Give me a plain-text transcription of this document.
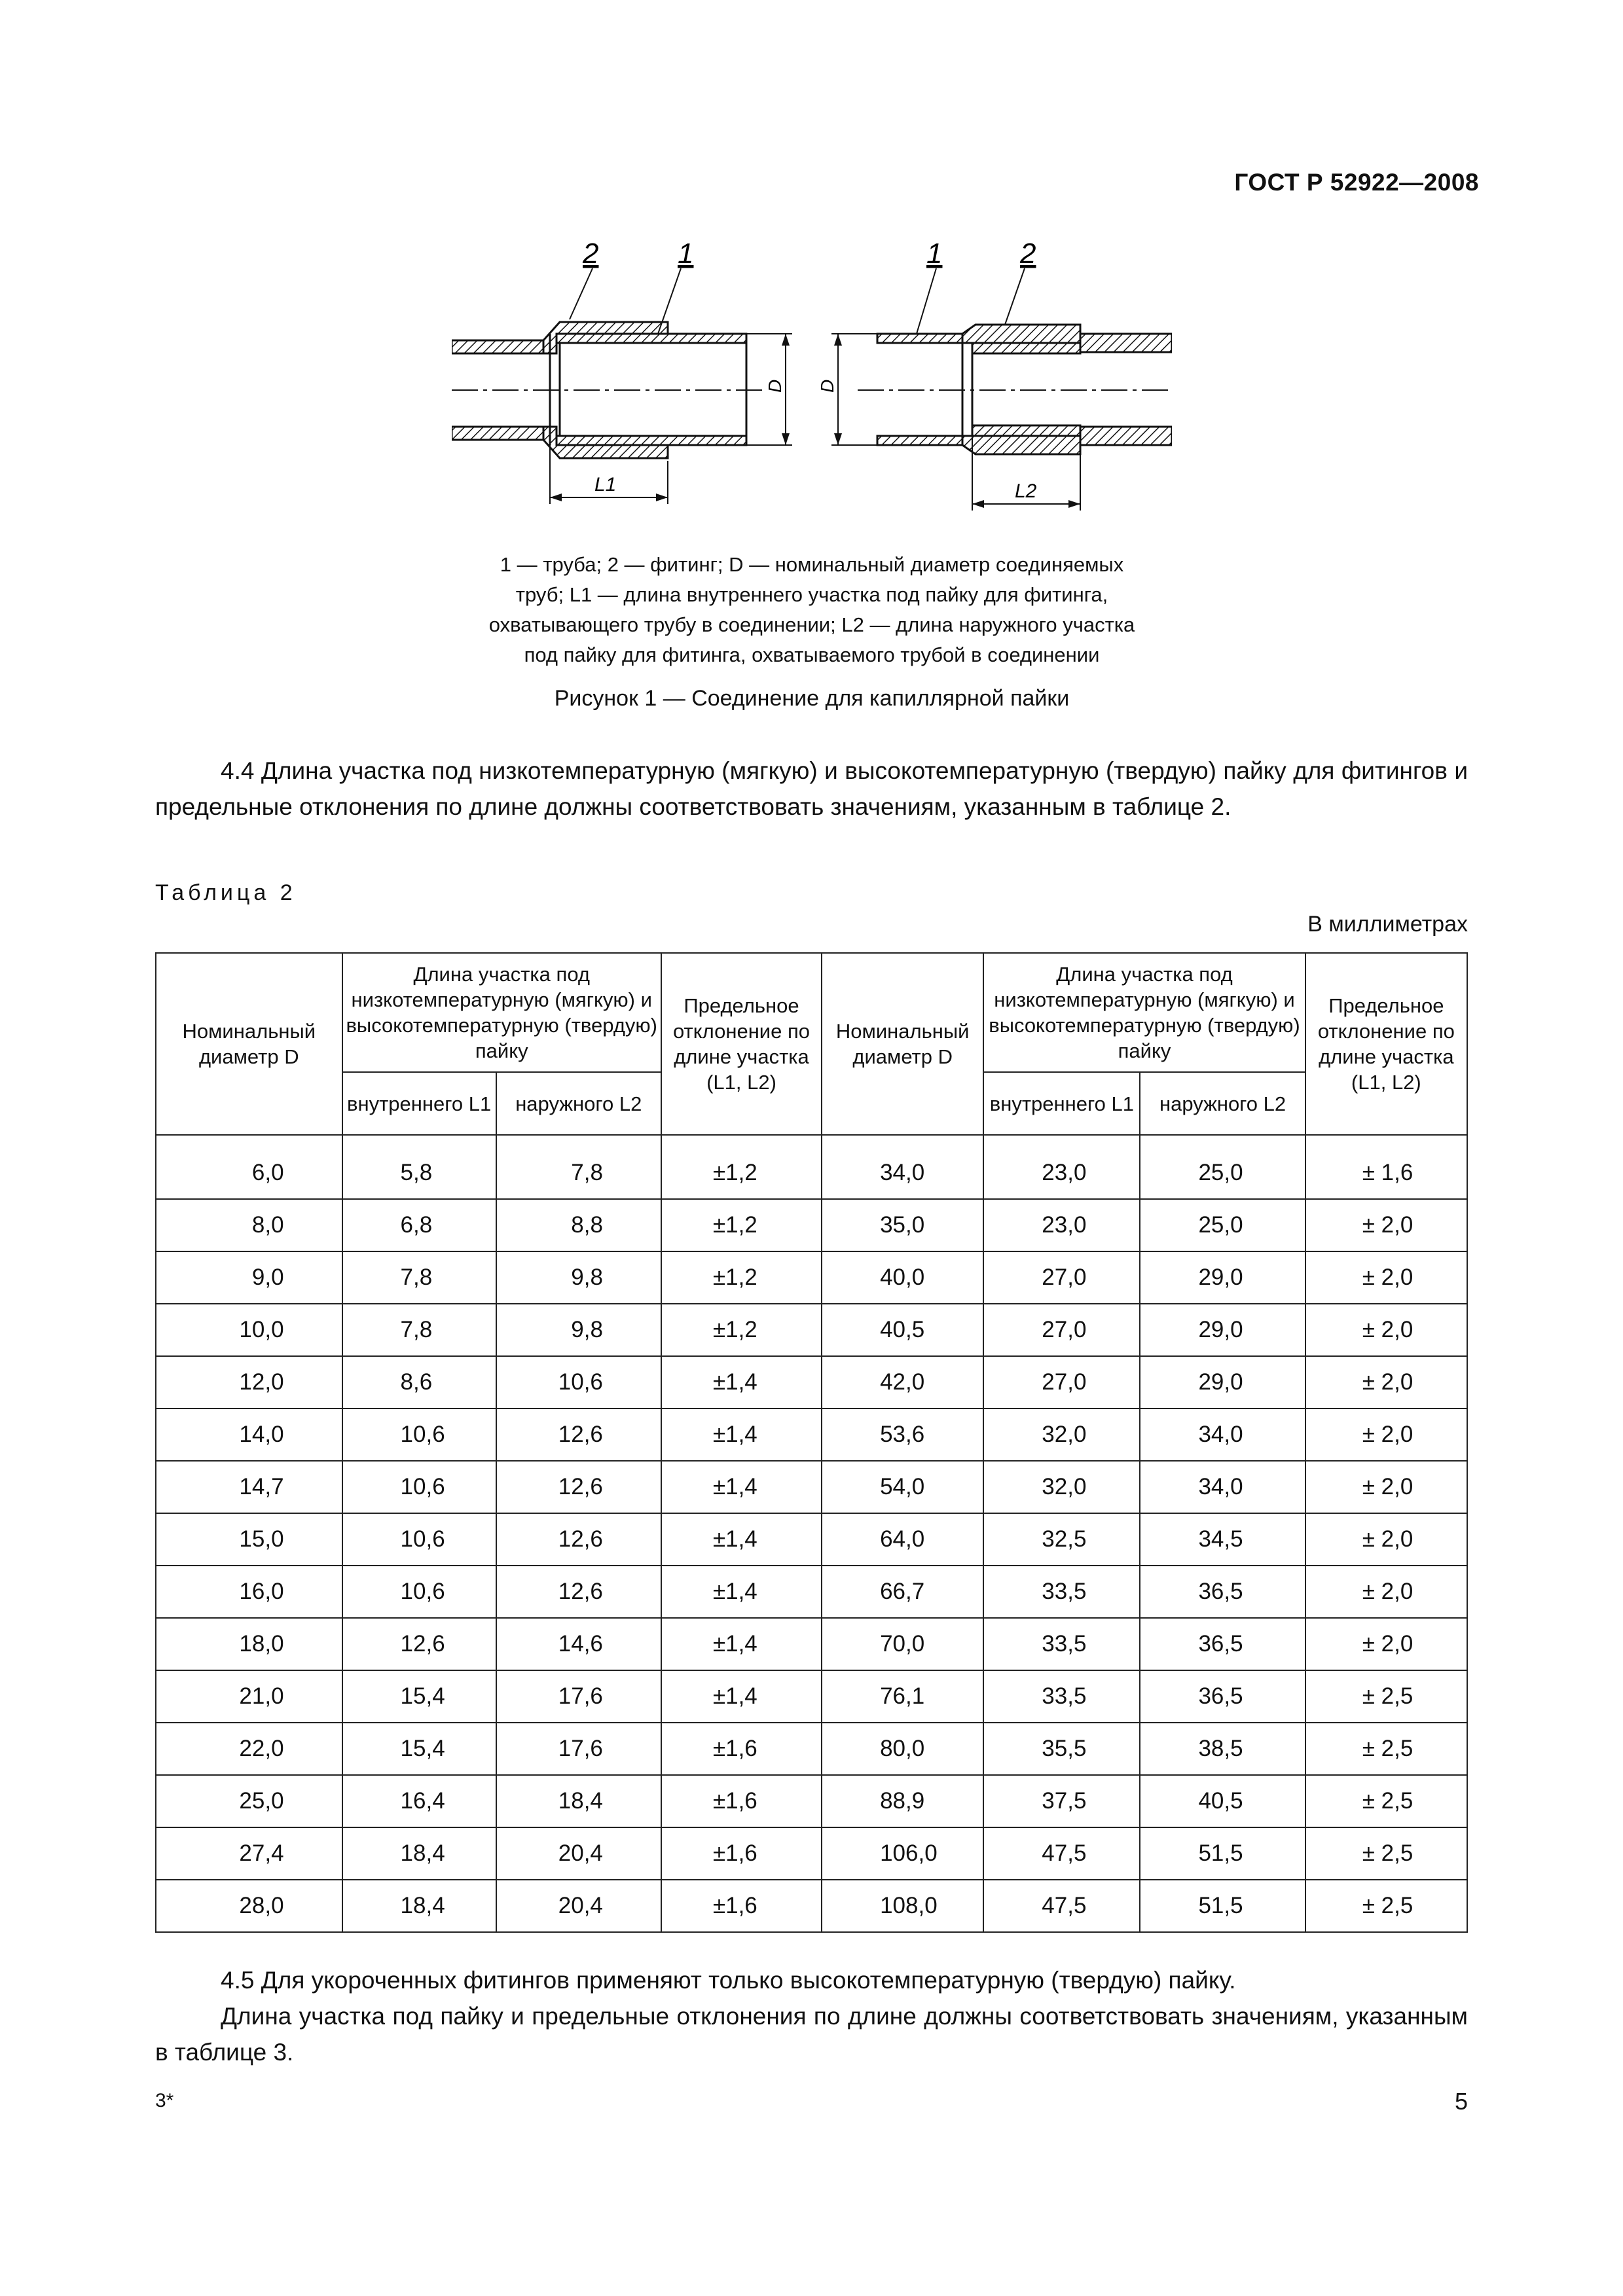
ГОСТ Р 52922—2008
D
L1
2	1
D
L2
1	2
1 — труба; 2 — фитинг; D — номинальный диаметр соединяемых
труб; L1 — длина внутреннего участка под пайку для фитинга,
охватывающего трубу в соединении; L2 — длина наружного участка
под пайку для фитинга, охватываемого трубой в соединении
Рисунок 1 — Соединение для капиллярной пайки
4.4 Длина участка под низкотемпературную (мягкую) и высокотемпературную (твердую) пайку для фитингов и предельные отклонения по длине должны соответствовать значениям, указанным в таблице 2.
Таблица 2
В миллиметрах
Номинальный диаметр D	Длина участка под низкотемпературную (мягкую) и высокотемпературную (твердую) пайку		Предельное отклонение по длине участка (L1, L2)	Номинальный диаметр D	Длина участка под низкотемпературную (мягкую) и высокотемпературную (твердую) пайку		Предельное отклонение по длине участка (L1, L2)
	внутреннего L1	наружного L2			внутреннего L1	наружного L2	

6,0	5,8	7,8	±1,2	34,0	23,0	25,0	± 1,6
8,0	6,8	8,8	±1,2	35,0	23,0	25,0	± 2,0
9,0	7,8	9,8	±1,2	40,0	27,0	29,0	± 2,0
10,0	7,8	9,8	±1,2	40,5	27,0	29,0	± 2,0
12,0	8,6	10,6	±1,4	42,0	27,0	29,0	± 2,0
14,0	10,6	12,6	±1,4	53,6	32,0	34,0	± 2,0
14,7	10,6	12,6	±1,4	54,0	32,0	34,0	± 2,0
15,0	10,6	12,6	±1,4	64,0	32,5	34,5	± 2,0
16,0	10,6	12,6	±1,4	66,7	33,5	36,5	± 2,0
18,0	12,6	14,6	±1,4	70,0	33,5	36,5	± 2,0
21,0	15,4	17,6	±1,4	76,1	33,5	36,5	± 2,5
22,0	15,4	17,6	±1,6	80,0	35,5	38,5	± 2,5
25,0	16,4	18,4	±1,6	88,9	37,5	40,5	± 2,5
27,4	18,4	20,4	±1,6	106,0	47,5	51,5	± 2,5
28,0	18,4	20,4	±1,6	108,0	47,5	51,5	± 2,5
4.5 Для укороченных фитингов применяют только высокотемпературную (твердую) пайку.
Длина участка под пайку и предельные отклонения по длине должны соответствовать значениям, указанным в таблице 3.
3*	5
